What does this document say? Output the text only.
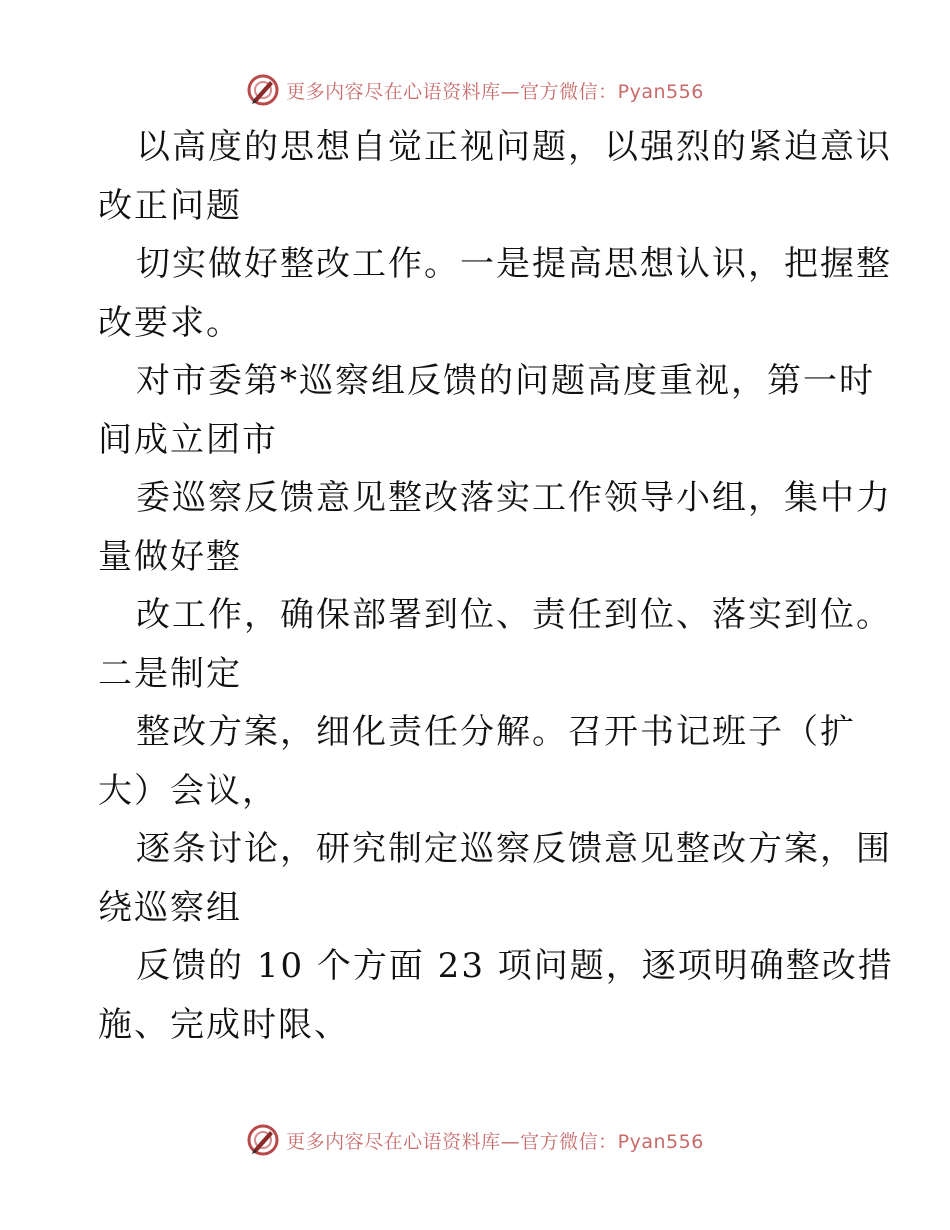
更多内容尽在心语资料库—官方微信：Pyan556
以高度的思想自觉正视问题，以强烈的紧迫意识
改正问题
切实做好整改工作。一是提高思想认识，把握整
改要求。
对市委第*巡察组反馈的问题高度重视，第一时
间成立团市
委巡察反馈意见整改落实工作领导小组，集中力
量做好整
改工作，确保部署到位、责任到位、落实到位。
二是制定
整改方案，细化责任分解。召开书记班子（扩
大）会议，
逐条讨论，研究制定巡察反馈意见整改方案，围
绕巡察组
反馈的 10 个方面 23 项问题，逐项明确整改措
施、完成时限、
更多内容尽在心语资料库—官方微信：Pyan556
